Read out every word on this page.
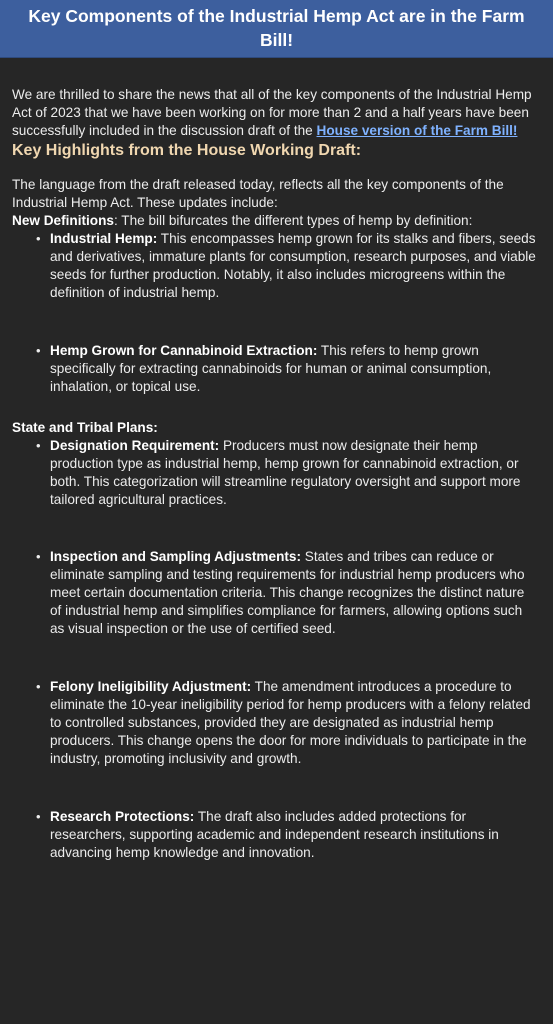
Key Components of the Industrial Hemp Act are in the Farm Bill!

We are thrilled to share the news that all of the key components of the Industrial Hemp Act of 2023 that we have been working on for more than 2 and a half years have been successfully included in the discussion draft of the House version of the Farm Bill!

Key Highlights from the House Working Draft:

The language from the draft released today, reflects all the key components of the Industrial Hemp Act. These updates include:

New Definitions: The bill bifurcates the different types of hemp by definition:

• Industrial Hemp: This encompasses hemp grown for its stalks and fibers, seeds and derivatives, immature plants for consumption, research purposes, and viable seeds for further production. Notably, it also includes microgreens within the definition of industrial hemp.
• Hemp Grown for Cannabinoid Extraction: This refers to hemp grown specifically for extracting cannabinoids for human or animal consumption, inhalation, or topical use.

State and Tribal Plans:

• Designation Requirement: Producers must now designate their hemp production type as industrial hemp, hemp grown for cannabinoid extraction, or both. This categorization will streamline regulatory oversight and support more tailored agricultural practices.
• Inspection and Sampling Adjustments: States and tribes can reduce or eliminate sampling and testing requirements for industrial hemp producers who meet certain documentation criteria. This change recognizes the distinct nature of industrial hemp and simplifies compliance for farmers, allowing options such as visual inspection or the use of certified seed.
• Felony Ineligibility Adjustment: The amendment introduces a procedure to eliminate the 10-year ineligibility period for hemp producers with a felony related to controlled substances, provided they are designated as industrial hemp producers. This change opens the door for more individuals to participate in the industry, promoting inclusivity and growth.
• Research Protections: The draft also includes added protections for researchers, supporting academic and independent research institutions in advancing hemp knowledge and innovation.
